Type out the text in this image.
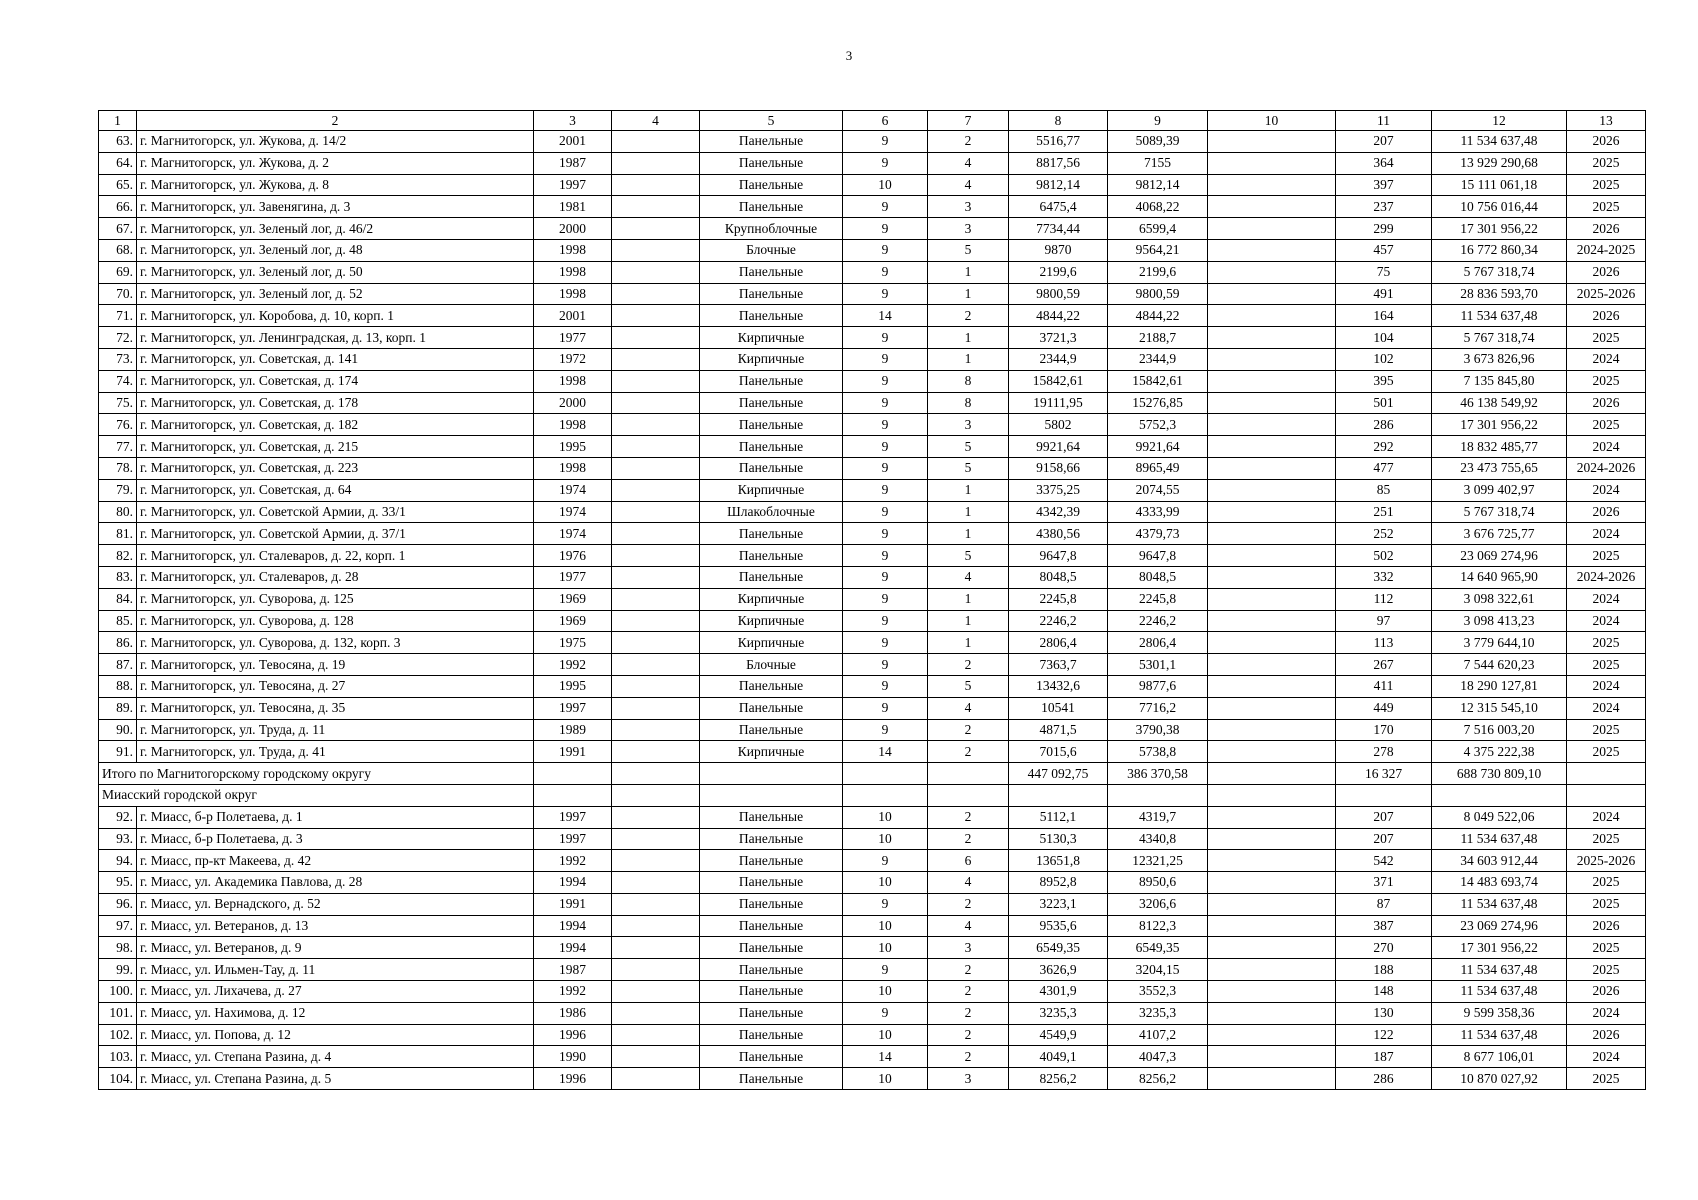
3
1	2	3	4	5	6	7	8	9	10	11	12	13
63.	г. Магнитогорск, ул. Жукова, д. 14/2	2001		Панельные	9	2	5516,77	5089,39		207	11 534 637,48	2026
64.	г. Магнитогорск, ул. Жукова, д. 2	1987		Панельные	9	4	8817,56	7155		364	13 929 290,68	2025
65.	г. Магнитогорск, ул. Жукова, д. 8	1997		Панельные	10	4	9812,14	9812,14		397	15 111 061,18	2025
66.	г. Магнитогорск, ул. Завенягина, д. 3	1981		Панельные	9	3	6475,4	4068,22		237	10 756 016,44	2025
67.	г. Магнитогорск, ул. Зеленый лог, д. 46/2	2000		Крупноблочные	9	3	7734,44	6599,4		299	17 301 956,22	2026
68.	г. Магнитогорск, ул. Зеленый лог, д. 48	1998		Блочные	9	5	9870	9564,21		457	16 772 860,34	2024-2025
69.	г. Магнитогорск, ул. Зеленый лог, д. 50	1998		Панельные	9	1	2199,6	2199,6		75	5 767 318,74	2026
70.	г. Магнитогорск, ул. Зеленый лог, д. 52	1998		Панельные	9	1	9800,59	9800,59		491	28 836 593,70	2025-2026
71.	г. Магнитогорск, ул. Коробова, д. 10, корп. 1	2001		Панельные	14	2	4844,22	4844,22		164	11 534 637,48	2026
72.	г. Магнитогорск, ул. Ленинградская, д. 13, корп. 1	1977		Кирпичные	9	1	3721,3	2188,7		104	5 767 318,74	2025
73.	г. Магнитогорск, ул. Советская, д. 141	1972		Кирпичные	9	1	2344,9	2344,9		102	3 673 826,96	2024
74.	г. Магнитогорск, ул. Советская, д. 174	1998		Панельные	9	8	15842,61	15842,61		395	7 135 845,80	2025
75.	г. Магнитогорск, ул. Советская, д. 178	2000		Панельные	9	8	19111,95	15276,85		501	46 138 549,92	2026
76.	г. Магнитогорск, ул. Советская, д. 182	1998		Панельные	9	3	5802	5752,3		286	17 301 956,22	2025
77.	г. Магнитогорск, ул. Советская, д. 215	1995		Панельные	9	5	9921,64	9921,64		292	18 832 485,77	2024
78.	г. Магнитогорск, ул. Советская, д. 223	1998		Панельные	9	5	9158,66	8965,49		477	23 473 755,65	2024-2026
79.	г. Магнитогорск, ул. Советская, д. 64	1974		Кирпичные	9	1	3375,25	2074,55		85	3 099 402,97	2024
80.	г. Магнитогорск, ул. Советской Армии, д. 33/1	1974		Шлакоблочные	9	1	4342,39	4333,99		251	5 767 318,74	2026
81.	г. Магнитогорск, ул. Советской Армии, д. 37/1	1974		Панельные	9	1	4380,56	4379,73		252	3 676 725,77	2024
82.	г. Магнитогорск, ул. Сталеваров, д. 22, корп. 1	1976		Панельные	9	5	9647,8	9647,8		502	23 069 274,96	2025
83.	г. Магнитогорск, ул. Сталеваров, д. 28	1977		Панельные	9	4	8048,5	8048,5		332	14 640 965,90	2024-2026
84.	г. Магнитогорск, ул. Суворова, д. 125	1969		Кирпичные	9	1	2245,8	2245,8		112	3 098 322,61	2024
85.	г. Магнитогорск, ул. Суворова, д. 128	1969		Кирпичные	9	1	2246,2	2246,2		97	3 098 413,23	2024
86.	г. Магнитогорск, ул. Суворова, д. 132, корп. 3	1975		Кирпичные	9	1	2806,4	2806,4		113	3 779 644,10	2025
87.	г. Магнитогорск, ул. Тевосяна, д. 19	1992		Блочные	9	2	7363,7	5301,1		267	7 544 620,23	2025
88.	г. Магнитогорск, ул. Тевосяна, д. 27	1995		Панельные	9	5	13432,6	9877,6		411	18 290 127,81	2024
89.	г. Магнитогорск, ул. Тевосяна, д. 35	1997		Панельные	9	4	10541	7716,2		449	12 315 545,10	2024
90.	г. Магнитогорск, ул. Труда, д. 11	1989		Панельные	9	2	4871,5	3790,38		170	7 516 003,20	2025
91.	г. Магнитогорск, ул. Труда, д. 41	1991		Кирпичные	14	2	7015,6	5738,8		278	4 375 222,38	2025
Итого по Магнитогорскому городскому округу							447 092,75	386 370,58		16 327	688 730 809,10	
Миасский городской округ												
92.	г. Миасс, б-р Полетаева, д. 1	1997		Панельные	10	2	5112,1	4319,7		207	8 049 522,06	2024
93.	г. Миасс, б-р Полетаева, д. 3	1997		Панельные	10	2	5130,3	4340,8		207	11 534 637,48	2025
94.	г. Миасс, пр-кт Макеева, д. 42	1992		Панельные	9	6	13651,8	12321,25		542	34 603 912,44	2025-2026
95.	г. Миасс, ул. Академика Павлова, д. 28	1994		Панельные	10	4	8952,8	8950,6		371	14 483 693,74	2025
96.	г. Миасс, ул. Вернадского, д. 52	1991		Панельные	9	2	3223,1	3206,6		87	11 534 637,48	2025
97.	г. Миасс, ул. Ветеранов, д. 13	1994		Панельные	10	4	9535,6	8122,3		387	23 069 274,96	2026
98.	г. Миасс, ул. Ветеранов, д. 9	1994		Панельные	10	3	6549,35	6549,35		270	17 301 956,22	2025
99.	г. Миасс, ул. Ильмен-Тау, д. 11	1987		Панельные	9	2	3626,9	3204,15		188	11 534 637,48	2025
100.	г. Миасс, ул. Лихачева, д. 27	1992		Панельные	10	2	4301,9	3552,3		148	11 534 637,48	2026
101.	г. Миасс, ул. Нахимова, д. 12	1986		Панельные	9	2	3235,3	3235,3		130	9 599 358,36	2024
102.	г. Миасс, ул. Попова, д. 12	1996		Панельные	10	2	4549,9	4107,2		122	11 534 637,48	2026
103.	г. Миасс, ул. Степана Разина, д. 4	1990		Панельные	14	2	4049,1	4047,3		187	8 677 106,01	2024
104.	г. Миасс, ул. Степана Разина, д. 5	1996		Панельные	10	3	8256,2	8256,2		286	10 870 027,92	2025
